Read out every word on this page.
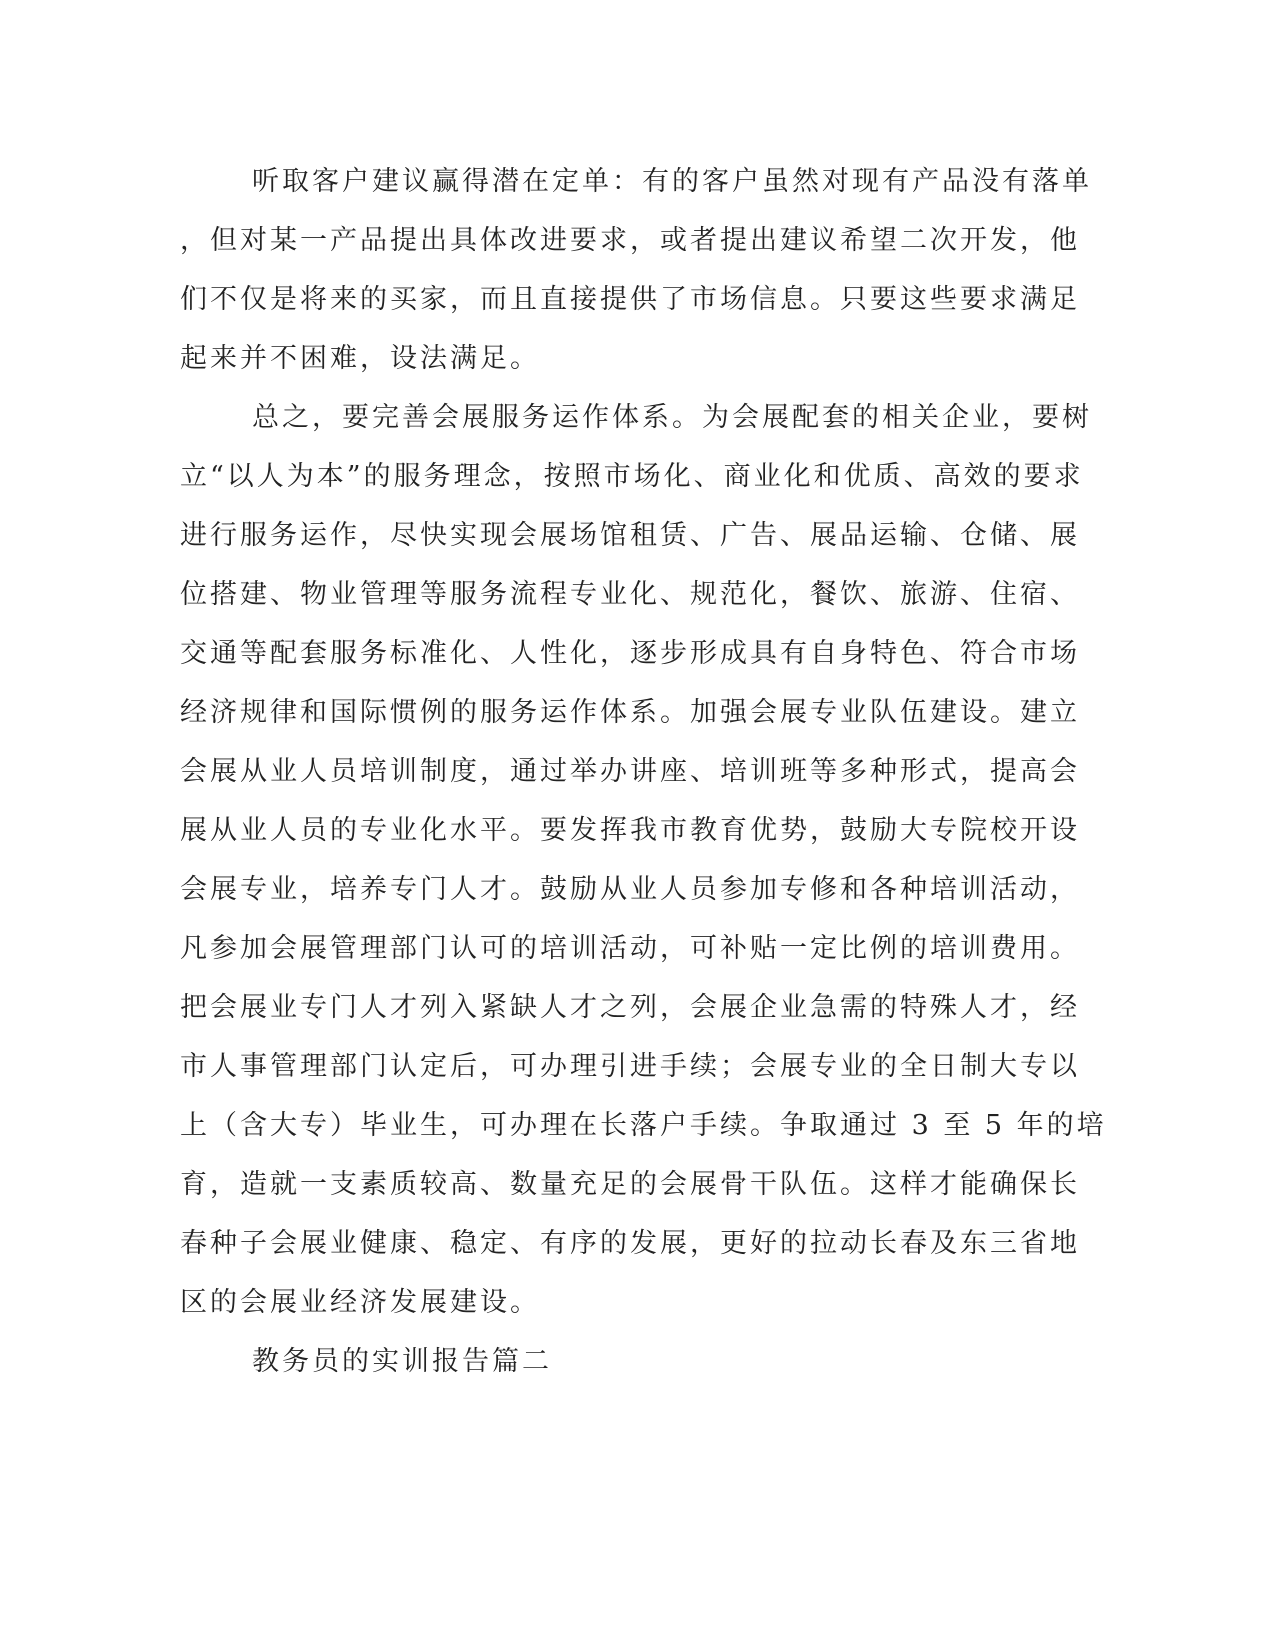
听取客户建议赢得潜在定单：有的客户虽然对现有产品没有落单
，但对某一产品提出具体改进要求，或者提出建议希望二次开发，他
们不仅是将来的买家，而且直接提供了市场信息。只要这些要求满足
起来并不困难，设法满足。
总之，要完善会展服务运作体系。为会展配套的相关企业，要树
立“以人为本”的服务理念，按照市场化、商业化和优质、高效的要求
进行服务运作，尽快实现会展场馆租赁、广告、展品运输、仓储、展
位搭建、物业管理等服务流程专业化、规范化，餐饮、旅游、住宿、
交通等配套服务标准化、人性化，逐步形成具有自身特色、符合市场
经济规律和国际惯例的服务运作体系。加强会展专业队伍建设。建立
会展从业人员培训制度，通过举办讲座、培训班等多种形式，提高会
展从业人员的专业化水平。要发挥我市教育优势，鼓励大专院校开设
会展专业，培养专门人才。鼓励从业人员参加专修和各种培训活动，
凡参加会展管理部门认可的培训活动，可补贴一定比例的培训费用。
把会展业专门人才列入紧缺人才之列，会展企业急需的特殊人才，经
市人事管理部门认定后，可办理引进手续；会展专业的全日制大专以
上（含大专）毕业生，可办理在长落户手续。争取通过 3 至 5 年的培
育，造就一支素质较高、数量充足的会展骨干队伍。这样才能确保长
春种子会展业健康、稳定、有序的发展，更好的拉动长春及东三省地
区的会展业经济发展建设。
教务员的实训报告篇二
